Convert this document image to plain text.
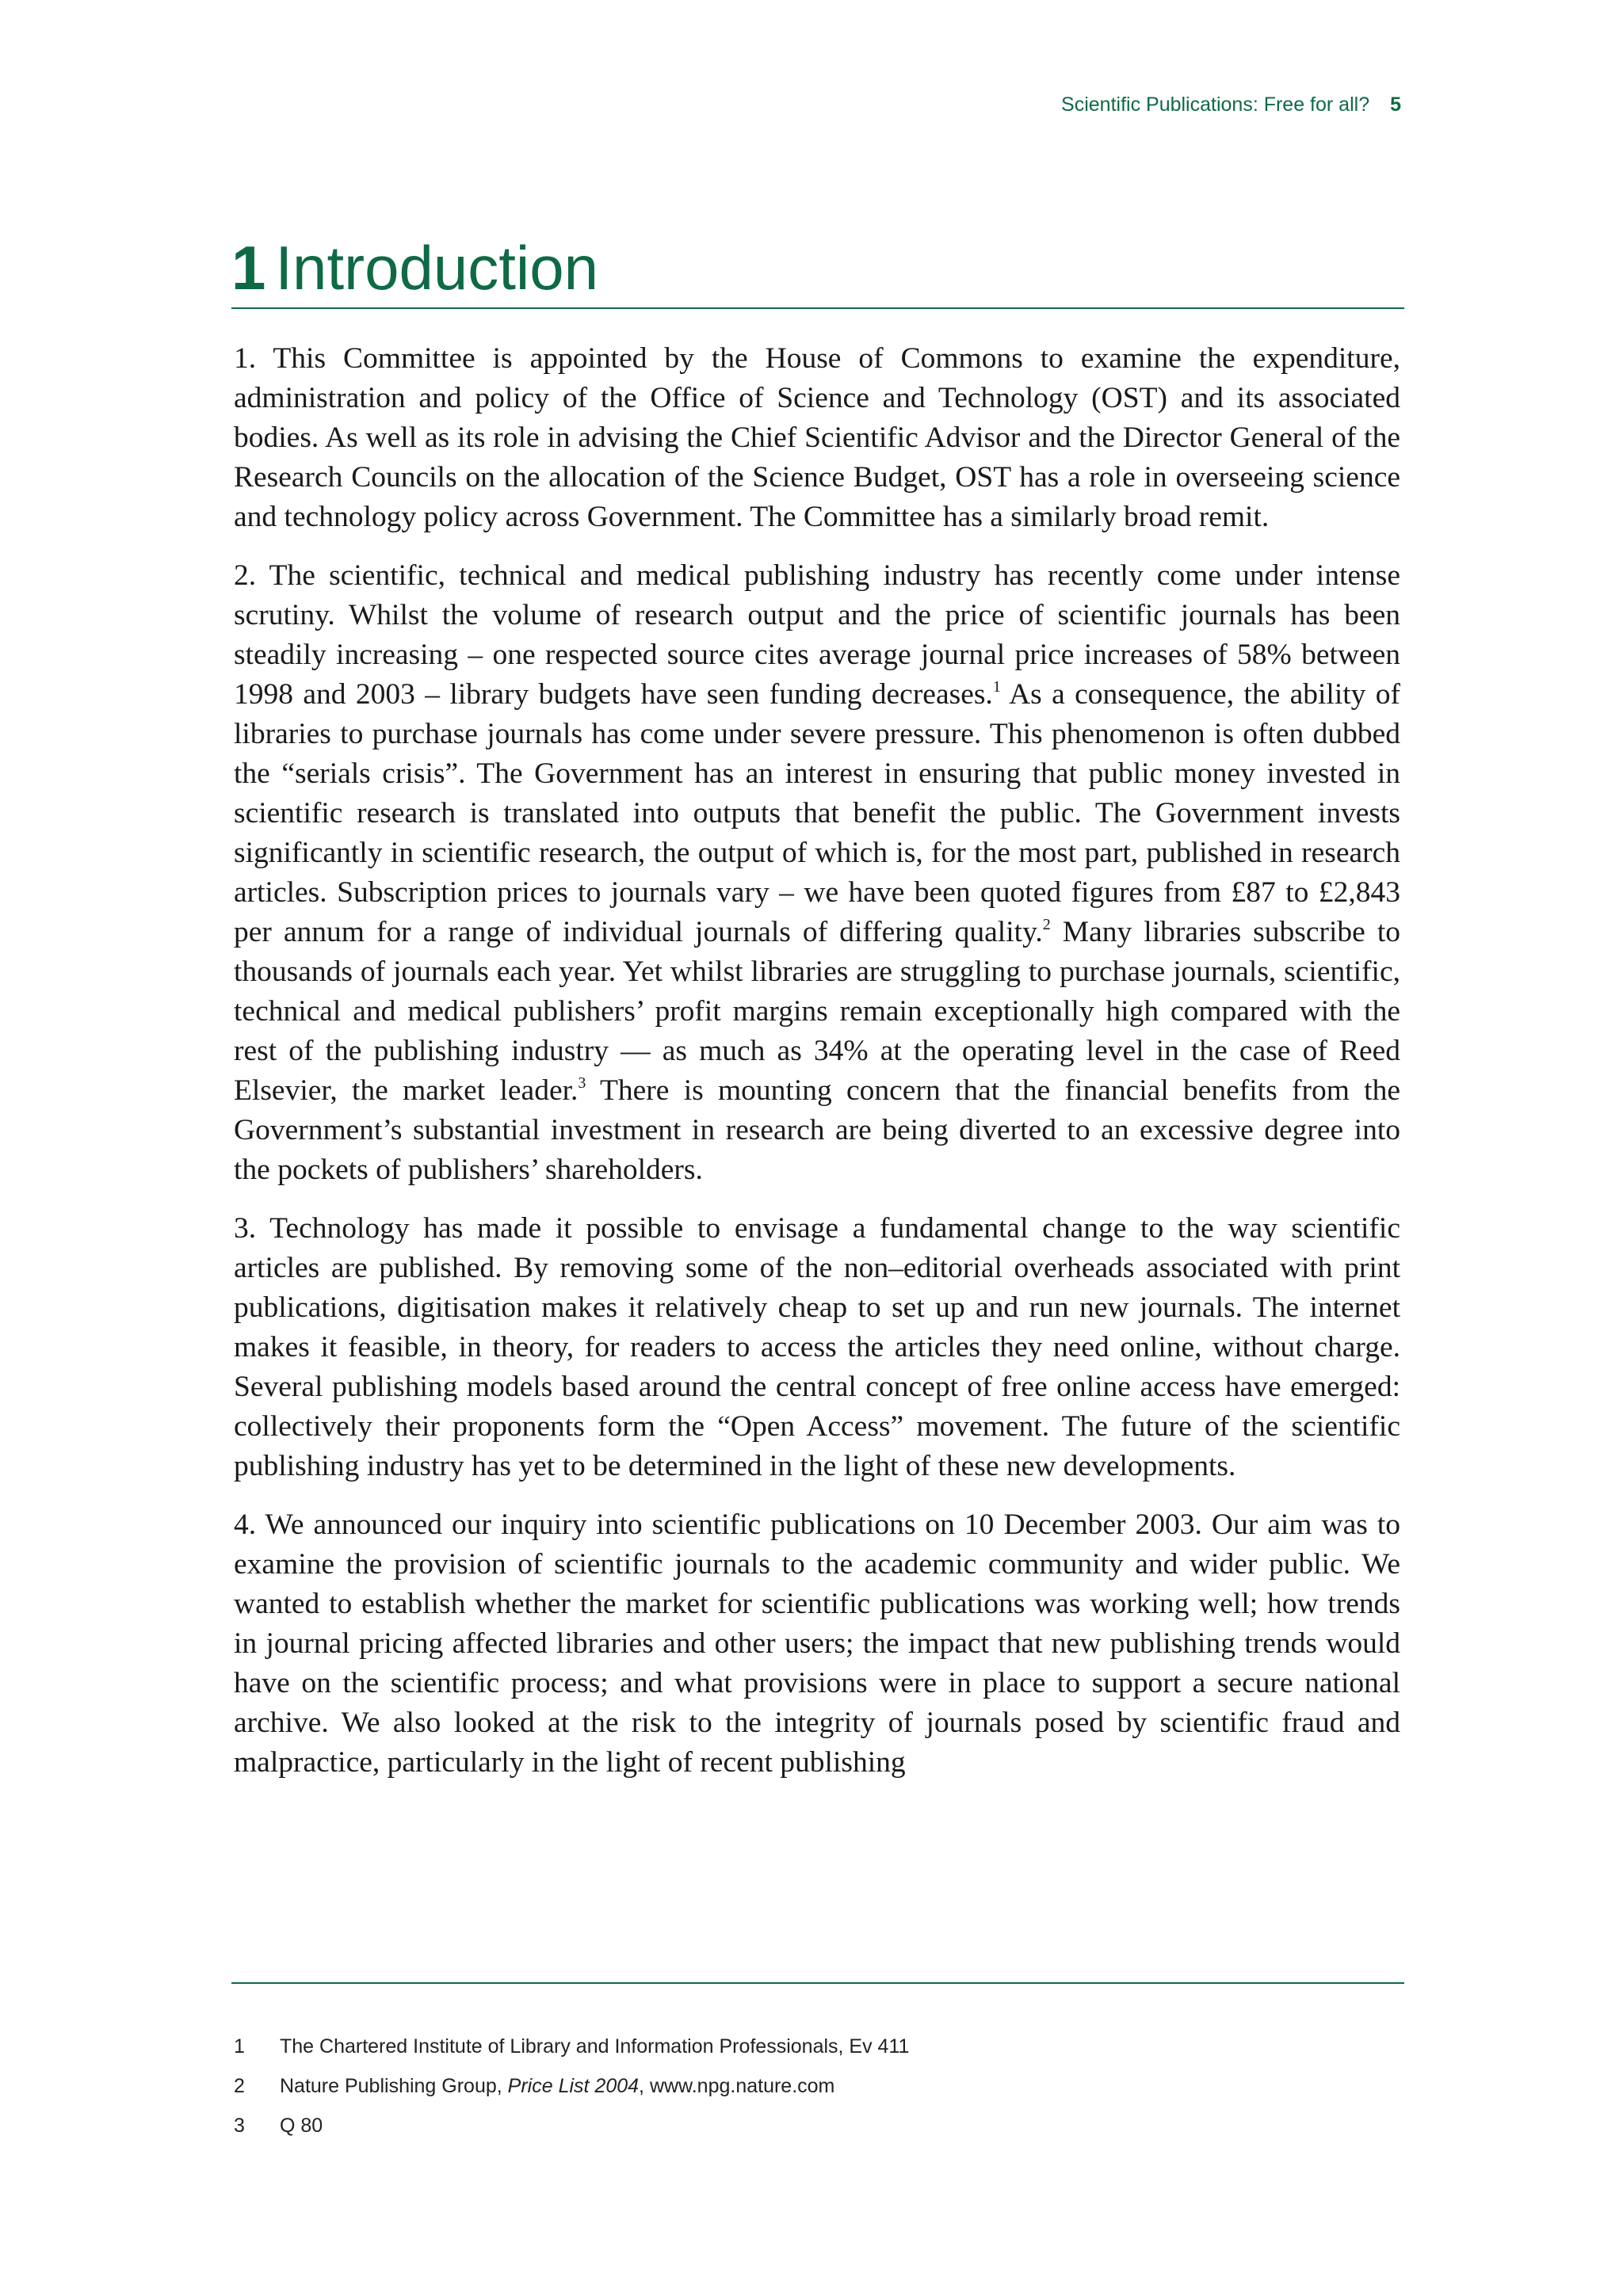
Scientific Publications: Free for all? 5
1 Introduction

1. This Committee is appointed by the House of Commons to examine the expenditure, administration and policy of the Office of Science and Technology (OST) and its associated bodies. As well as its role in advising the Chief Scientific Advisor and the Director General of the Research Councils on the allocation of the Science Budget, OST has a role in overseeing science and technology policy across Government. The Committee has a similarly broad remit.

2. The scientific, technical and medical publishing industry has recently come under intense scrutiny. Whilst the volume of research output and the price of scientific journals has been steadily increasing – one respected source cites average journal price increases of 58% between 1998 and 2003 – library budgets have seen funding decreases.$^1$ As a consequence, the ability of libraries to purchase journals has come under severe pressure. This phenomenon is often dubbed the “serials crisis”. The Government has an interest in ensuring that public money invested in scientific research is translated into outputs that benefit the public. The Government invests significantly in scientific research, the output of which is, for the most part, published in research articles. Subscription prices to journals vary – we have been quoted figures from £87 to £2,843 per annum for a range of individual journals of differing quality.$^2$ Many libraries subscribe to thousands of journals each year. Yet whilst libraries are struggling to purchase journals, scientific, technical and medical publishers’ profit margins remain exceptionally high compared with the rest of the publishing industry — as much as 34% at the operating level in the case of Reed Elsevier, the market leader.$^3$ There is mounting concern that the financial benefits from the Government’s substantial investment in research are being diverted to an excessive degree into the pockets of publishers’ shareholders.

3. Technology has made it possible to envisage a fundamental change to the way scientific articles are published. By removing some of the non–editorial overheads associated with print publications, digitisation makes it relatively cheap to set up and run new journals. The internet makes it feasible, in theory, for readers to access the articles they need online, without charge. Several publishing models based around the central concept of free online access have emerged: collectively their proponents form the “Open Access” movement. The future of the scientific publishing industry has yet to be determined in the light of these new developments.

4. We announced our inquiry into scientific publications on 10 December 2003. Our aim was to examine the provision of scientific journals to the academic community and wider public. We wanted to establish whether the market for scientific publications was working well; how trends in journal pricing affected libraries and other users; the impact that new publishing trends would have on the scientific process; and what provisions were in place to support a secure national archive. We also looked at the risk to the integrity of journals posed by scientific fraud and malpractice, particularly in the light of recent publishing

1	The Chartered Institute of Library and Information Professionals, Ev 411
2	Nature Publishing Group, Price List 2004, www.npg.nature.com
3	Q 80
